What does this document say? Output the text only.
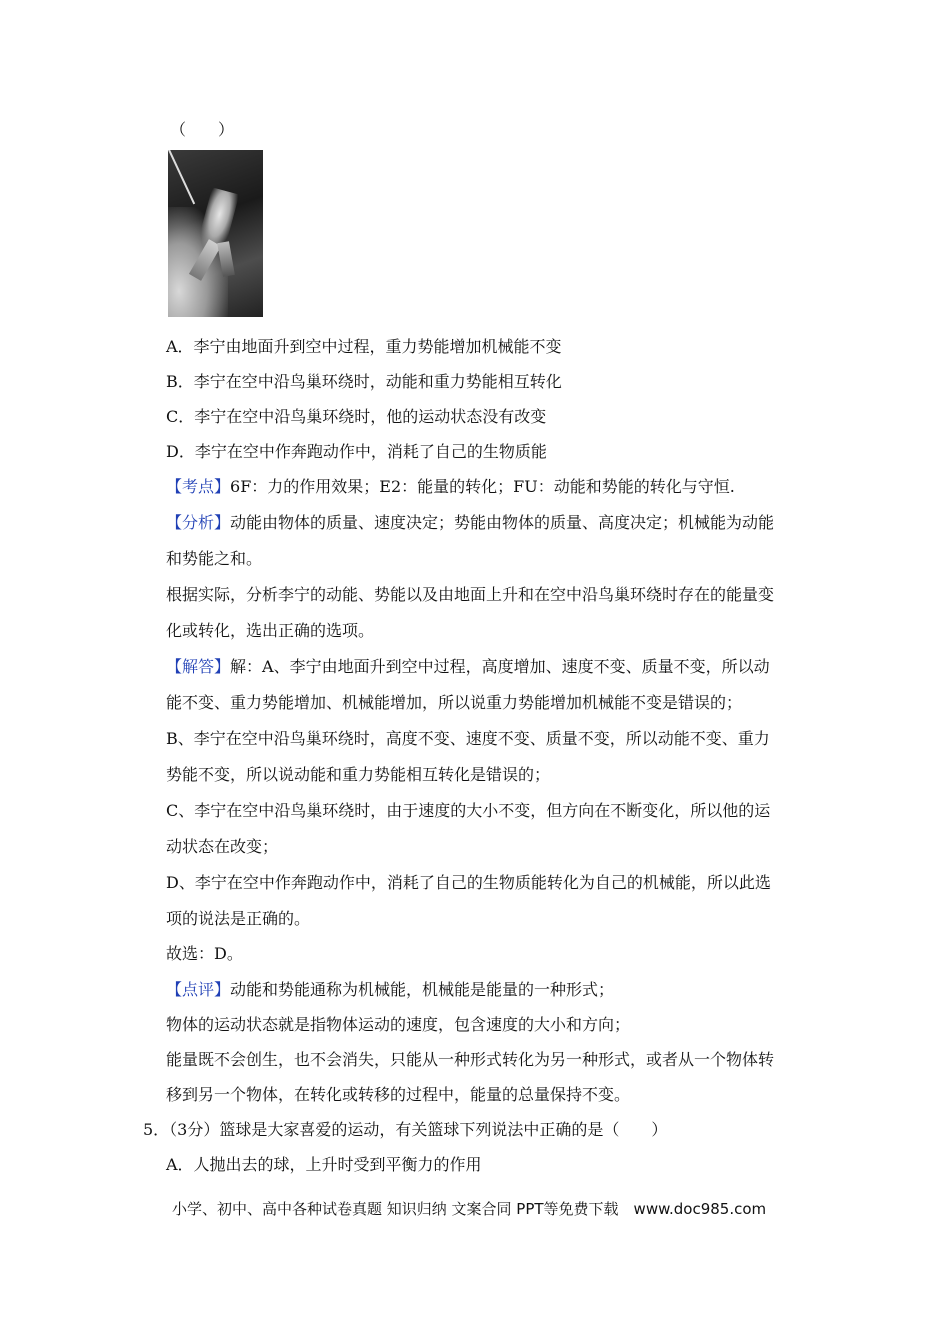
（　　）
A．李宁由地面升到空中过程，重力势能增加机械能不变
B．李宁在空中沿鸟巢环绕时，动能和重力势能相互转化
C．李宁在空中沿鸟巢环绕时，他的运动状态没有改变
D．李宁在空中作奔跑动作中，消耗了自己的生物质能
【考点】6F：力的作用效果；E2：能量的转化；FU：动能和势能的转化与守恒.
【分析】动能由物体的质量、速度决定；势能由物体的质量、高度决定；机械能为动能
和势能之和。
根据实际，分析李宁的动能、势能以及由地面上升和在空中沿鸟巢环绕时存在的能量变
化或转化，选出正确的选项。
【解答】解：A、李宁由地面升到空中过程，高度增加、速度不变、质量不变，所以动
能不变、重力势能增加、机械能增加，所以说重力势能增加机械能不变是错误的；
B、李宁在空中沿鸟巢环绕时，高度不变、速度不变、质量不变，所以动能不变、重力
势能不变，所以说动能和重力势能相互转化是错误的；
C、李宁在空中沿鸟巢环绕时，由于速度的大小不变，但方向在不断变化，所以他的运
动状态在改变；
D、李宁在空中作奔跑动作中，消耗了自己的生物质能转化为自己的机械能，所以此选
项的说法是正确的。
故选：D。
【点评】动能和势能通称为机械能，机械能是能量的一种形式；
物体的运动状态就是指物体运动的速度，包含速度的大小和方向；
能量既不会创生，也不会消失，只能从一种形式转化为另一种形式，或者从一个物体转
移到另一个物体，在转化或转移的过程中，能量的总量保持不变。
5．（3分）篮球是大家喜爱的运动，有关篮球下列说法中正确的是（　　）
A．人抛出去的球，上升时受到平衡力的作用
小学、初中、高中各种试卷真题 知识归纳 文案合同 PPT等免费下载　www.doc985.com
